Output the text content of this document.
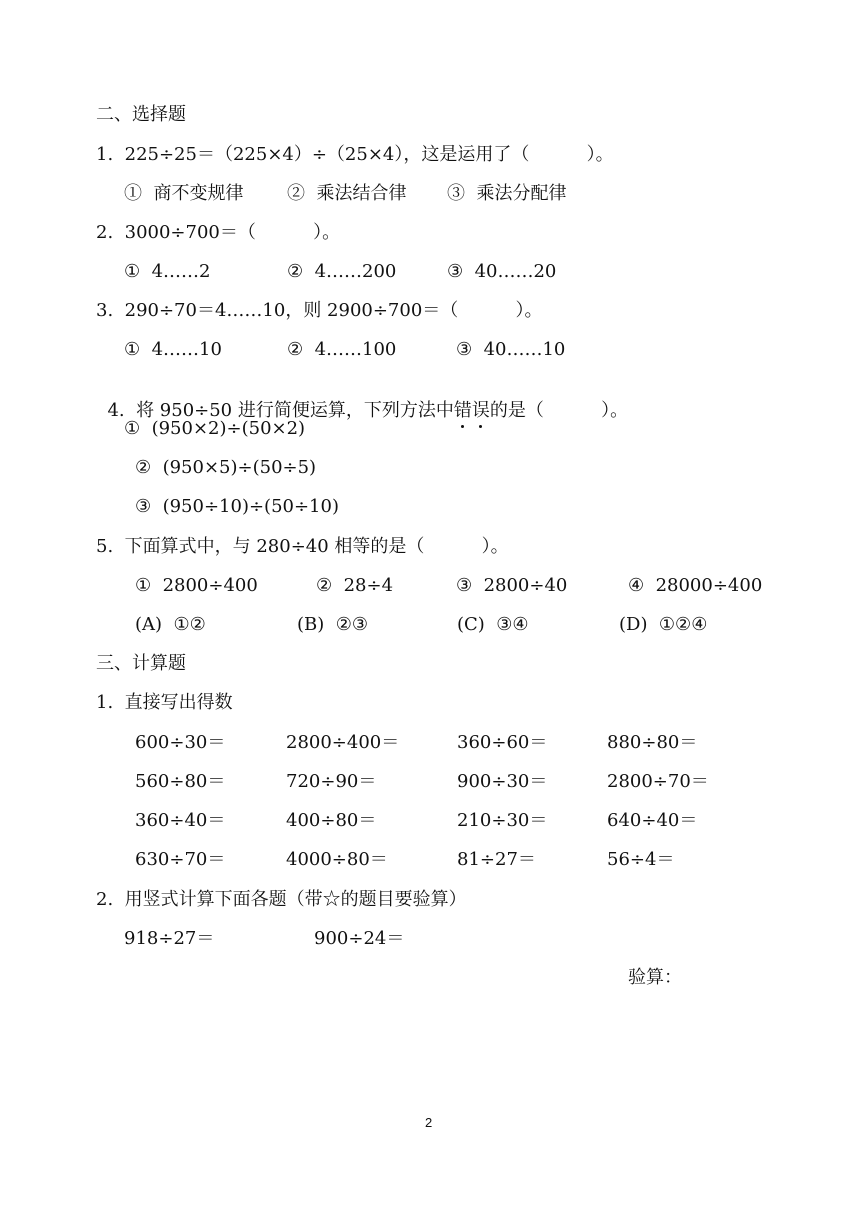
二、选择题
1.  225÷25＝（225×4）÷（25×4），这是运用了（          ）。
①  商不变规律 ②  乘法结合律 ③  乘法分配律
2.  3000÷700＝（          ）。
①  4……2	②  4……200	③  40……20
3.  290÷70＝4……10，则 2900÷700＝（          ）。
①  4……10	②  4……100	③  40……10

4.  将 950÷50 进行简便运算，下列方法中错误的是（          ）。

①  (950×2)÷(50×2)
②  (950×5)÷(50÷5)
③  (950÷10)÷(50÷10)
5.  下面算式中，与 280÷40 相等的是（          ）。
①  2800÷400	②  28÷4	③  2800÷40	④  28000÷400
(A)  ①②	(B)  ②③	(C)  ③④	(D)  ①②④
三、计算题
1.  直接写出得数
600÷30＝	2800÷400＝	360÷60＝	880÷80＝
560÷80＝	720÷90＝	900÷30＝	2800÷70＝
360÷40＝	400÷80＝	210÷30＝	640÷40＝
630÷70＝	4000÷80＝	81÷27＝	56÷4＝
2.  用竖式计算下面各题（带☆的题目要验算）
918÷27＝	900÷24＝
验算：
2
